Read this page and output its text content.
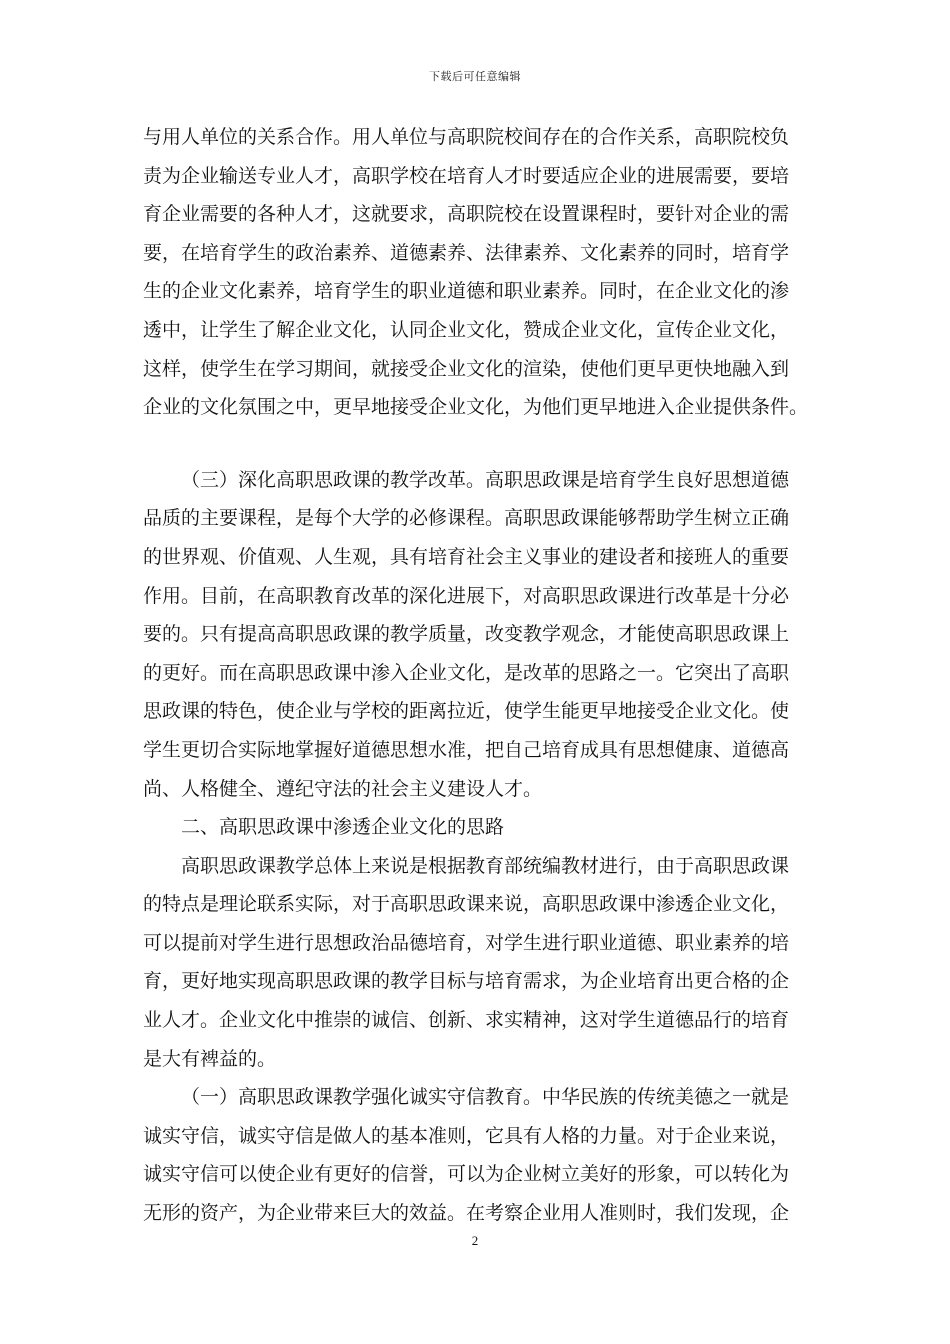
下载后可任意编辑
与用人单位的关系合作。用人单位与高职院校间存在的合作关系，高职院校负
责为企业输送专业人才，高职学校在培育人才时要适应企业的进展需要，要培
育企业需要的各种人才，这就要求，高职院校在设置课程时，要针对企业的需
要，在培育学生的政治素养、道德素养、法律素养、文化素养的同时，培育学
生的企业文化素养，培育学生的职业道德和职业素养。同时，在企业文化的渗
透中，让学生了解企业文化，认同企业文化，赞成企业文化，宣传企业文化，
这样，使学生在学习期间，就接受企业文化的渲染，使他们更早更快地融入到
企业的文化氛围之中，更早地接受企业文化，为他们更早地进入企业提供条件。
（三）深化高职思政课的教学改革。高职思政课是培育学生良好思想道德
品质的主要课程，是每个大学的必修课程。高职思政课能够帮助学生树立正确
的世界观、价值观、人生观，具有培育社会主义事业的建设者和接班人的重要
作用。目前，在高职教育改革的深化进展下，对高职思政课进行改革是十分必
要的。只有提高高职思政课的教学质量，改变教学观念，才能使高职思政课上
的更好。而在高职思政课中渗入企业文化，是改革的思路之一。它突出了高职
思政课的特色，使企业与学校的距离拉近，使学生能更早地接受企业文化。使
学生更切合实际地掌握好道德思想水准，把自己培育成具有思想健康、道德高
尚、人格健全、遵纪守法的社会主义建设人才。
二、高职思政课中渗透企业文化的思路
高职思政课教学总体上来说是根据教育部统编教材进行，由于高职思政课
的特点是理论联系实际，对于高职思政课来说，高职思政课中渗透企业文化，
可以提前对学生进行思想政治品德培育，对学生进行职业道德、职业素养的培
育，更好地实现高职思政课的教学目标与培育需求，为企业培育出更合格的企
业人才。企业文化中推崇的诚信、创新、求实精神，这对学生道德品行的培育
是大有裨益的。
（一）高职思政课教学强化诚实守信教育。中华民族的传统美德之一就是
诚实守信，诚实守信是做人的基本准则，它具有人格的力量。对于企业来说，
诚实守信可以使企业有更好的信誉，可以为企业树立美好的形象，可以转化为
无形的资产，为企业带来巨大的效益。在考察企业用人准则时，我们发现，企
2
